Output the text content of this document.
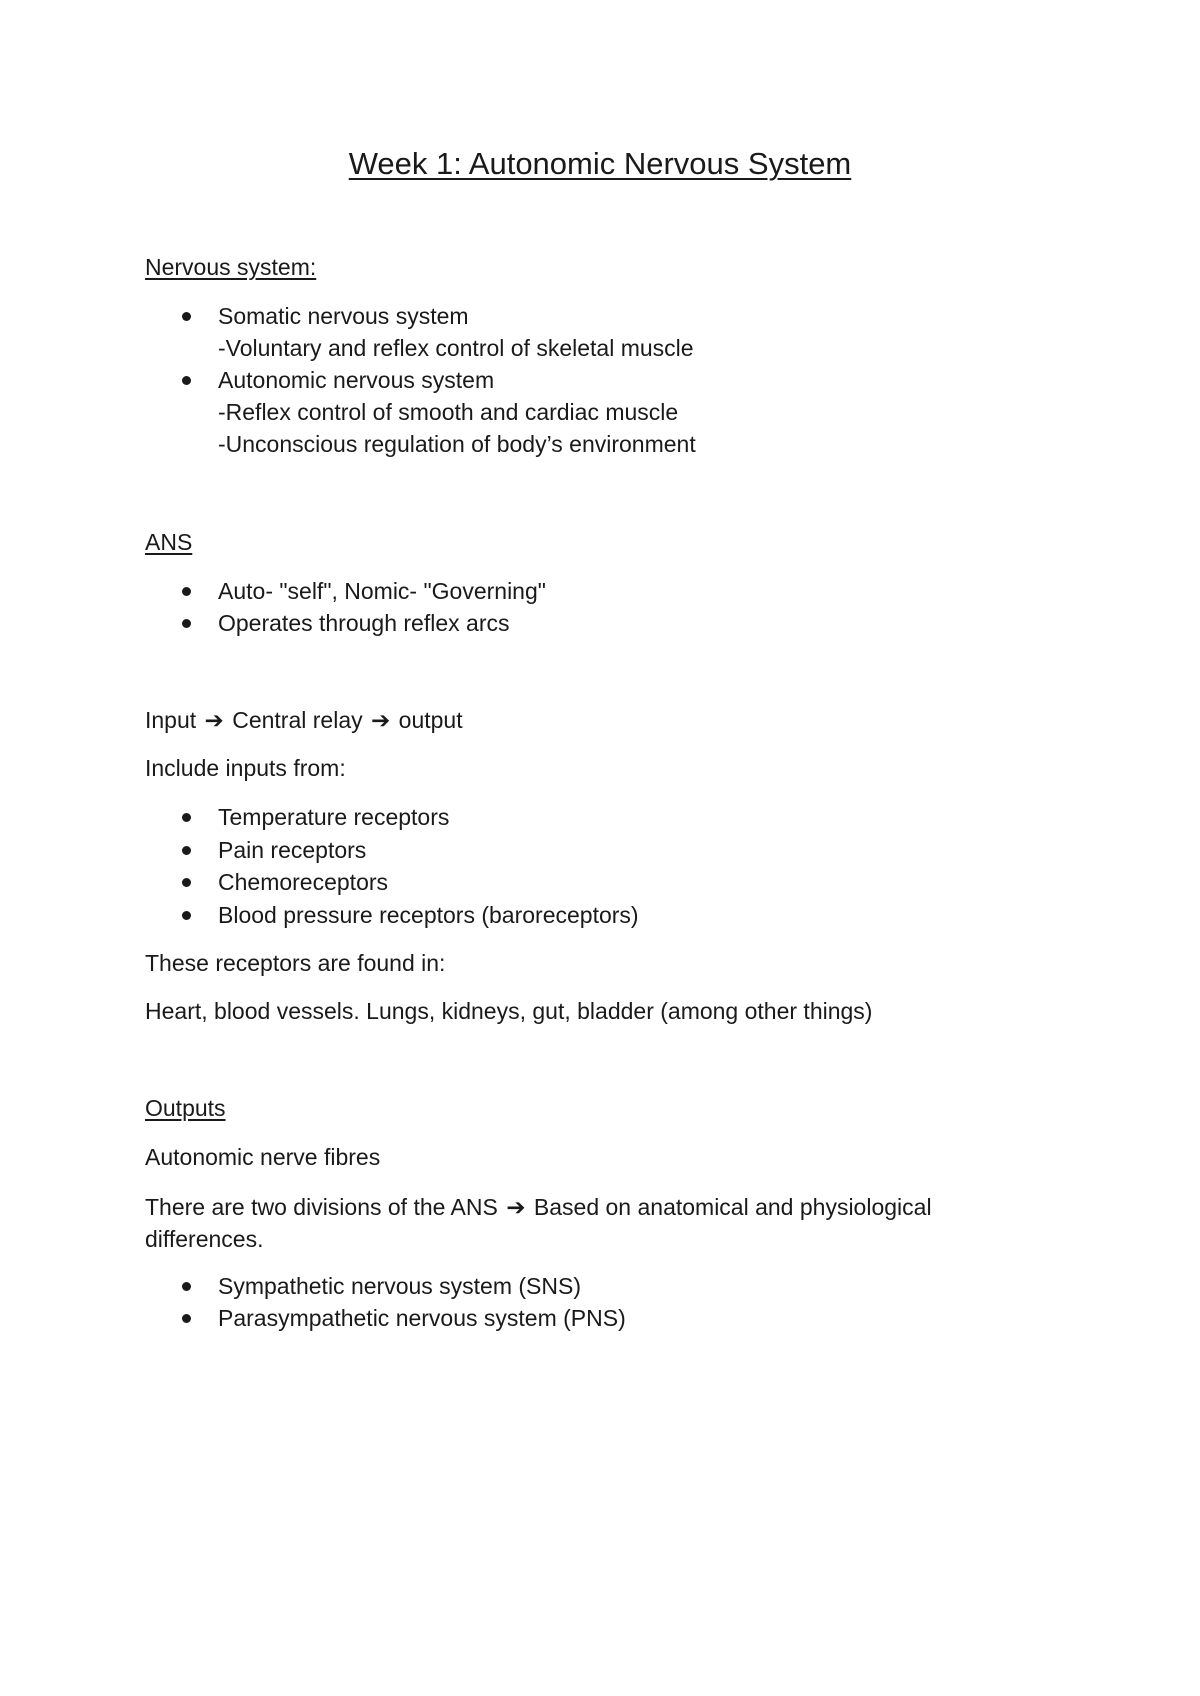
Week 1: Autonomic Nervous System
Nervous system:
Somatic nervous system
-Voluntary and reflex control of skeletal muscle
Autonomic nervous system
-Reflex control of smooth and cardiac muscle
-Unconscious regulation of body’s environment
ANS
Auto- "self", Nomic- "Governing"
Operates through reflex arcs
Input ➔ Central relay ➔ output
Include inputs from:
Temperature receptors
Pain receptors
Chemoreceptors
Blood pressure receptors (baroreceptors)
These receptors are found in:
Heart, blood vessels. Lungs, kidneys, gut, bladder (among other things)
Outputs
Autonomic nerve fibres
There are two divisions of the ANS ➔ Based on anatomical and physiological
differences.
Sympathetic nervous system (SNS)
Parasympathetic nervous system (PNS)
